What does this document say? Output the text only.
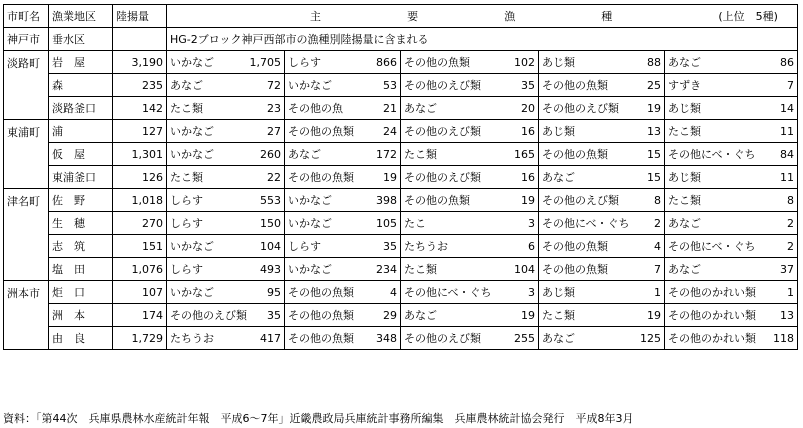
市町名	漁業地区	陸揚量	主 要 漁 種 (上位　5種)				

神戸市	垂水区		HG-2ブロック神戸西部市の漁種別陸揚量に含まれる				
淡路町	岩　屋	3,190	いかなご 1,705	しらす 866	その他の魚類 102	あじ類 88	あなご 86

	森	235	あなご 72	いかなご 53	その他のえび類 35	その他の魚類 25	すずき 7

	淡路釜口	142	たこ類 23	その他の魚 21	あなご 20	その他のえび類 19	あじ類 14

東浦町	浦	127	いかなご 27	その他の魚類 24	その他のえび類 16	あじ類 13	たこ類 11

	仮　屋	1,301	いかなご 260	あなご 172	たこ類 165	その他の魚類 15	その他にべ・ぐち 84

	東浦釜口	126	たこ類 22	その他の魚類 19	その他のえび類 16	あなご 15	あじ類 11

津名町	佐　野	1,018	しらす 553	いかなご 398	その他の魚類 19	その他のえび類 8	たこ類 8

	生　穂	270	しらす 150	いかなご 105	たこ 3	その他にべ・ぐち 2	あなご 2

	志　筑	151	いかなご 104	しらす 35	たちうお 6	その他の魚類 4	その他にべ・ぐち 2

	塩　田	1,076	しらす 493	いかなご 234	たこ類 104	その他の魚類 7	あなご 37

洲本市	炬　口	107	いかなご 95	その他の魚類 4	その他にべ・ぐち 3	あじ類 1	その他のかれい類 1

	洲　本	174	その他のえび類 35	その他の魚類 29	あなご 19	たこ類 19	その他のかれい類 13

	由　良	1,729	たちうお 417	その他の魚類 348	その他のえび類 255	あなご 125	その他のかれい類 118
資料：「第44次　兵庫県農林水産統計年報　平成6～7年」近畿農政局兵庫統計事務所編集　兵庫農林統計協会発行　平成8年3月
